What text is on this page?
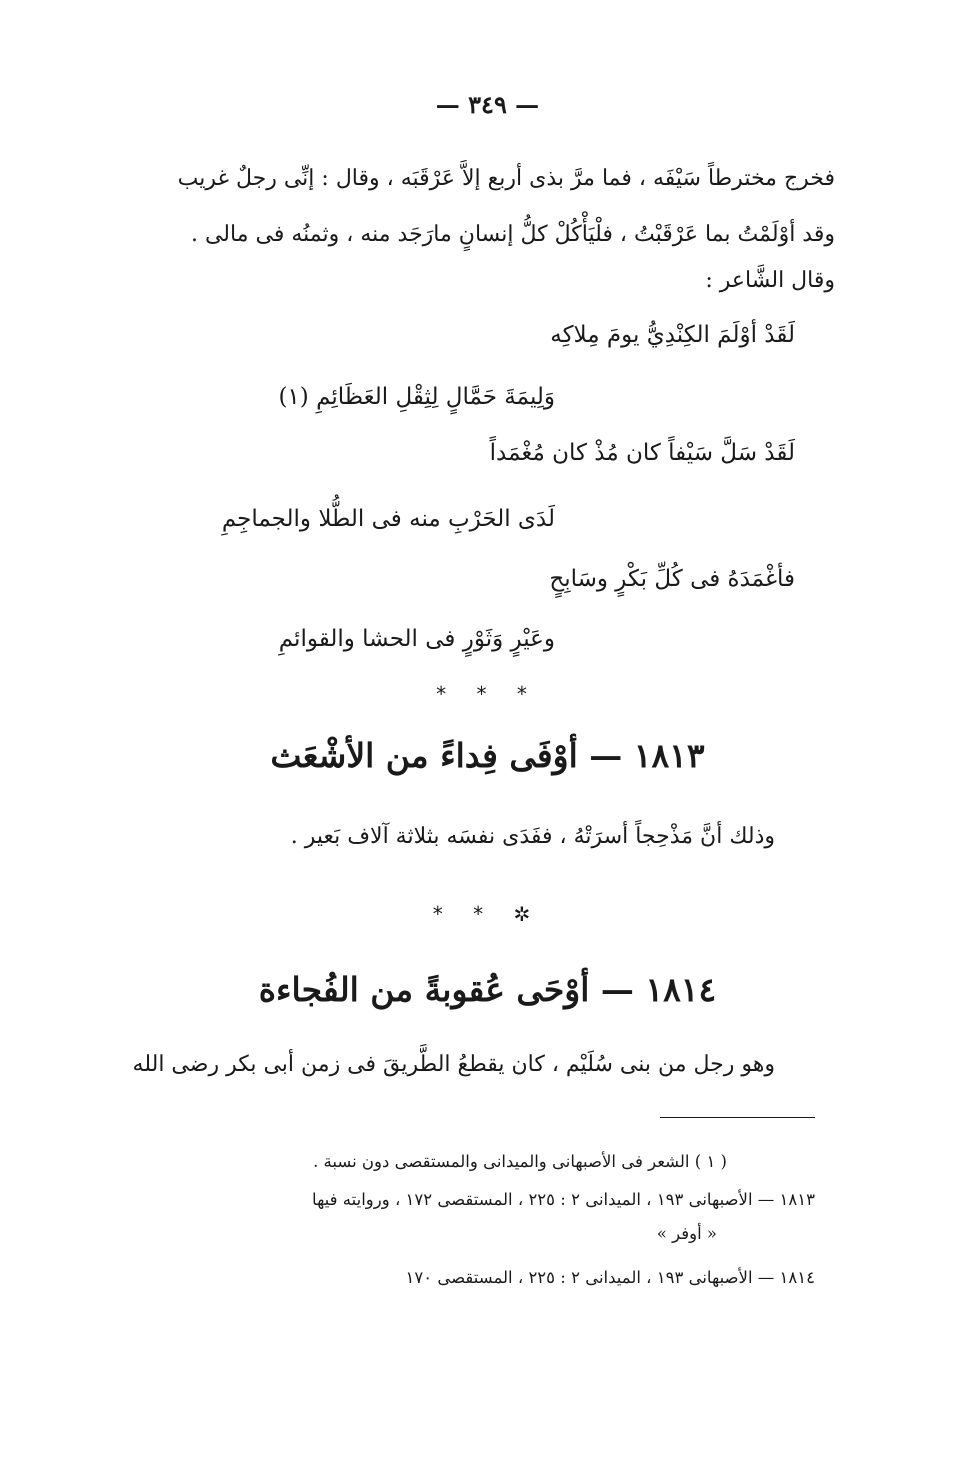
— ٣٤٩ —
فخرج مخترطاً سَيْفَه ، فما مرَّ بذى أربع إلاَّ عَرْقَبَه ، وقال : إنِّى رجلٌ غريب
وقد أوْلَمْتُ بما عَرْقَبْتُ ، فلْيَأْكُلْ كلُّ إنسانٍ مارَجَد منه ، وثمنُه فى مالى .
وقال الشَّاعر :
لَقَدْ أوْلَمَ الكِنْدِيُّ يومَ مِلاكِه
وَلِيمَةَ حَمَّالٍ لِثِقْلِ العَظَائِمِ (١)
لَقَدْ سَلَّ سَيْفاً كان مُذْ كان مُغْمَداً
لَدَى الحَرْبِ منه فى الطُّلا والجماجِمِ
فأغْمَدَهُ فى كُلِّ بَكْرٍ وسَابِحٍ
وعَيْرٍ وَثَوْرٍ فى الحشا والقوائمِ
* * *
١٨١٣ — أوْفَى فِداءً من الأشْعَث
وذلك أنَّ مَذْحِجاً أسرَتْهُ ، ففَدَى نفسَه بثلاثة آلاف بَعير .
* * ✲
١٨١٤ — أوْحَى عُقوبةً من الفُجاءة
وهو رجل من بنى سُلَيْم ، كان يقطعُ الطَّريقَ فى زمن أبى بكر رضى الله
( ١ ) الشعر فى الأصبهانى والميدانى والمستقصى دون نسبة .
١٨١٣ — الأصبهانى ١٩٣ ، الميدانى ٢ : ٢٢٥ ، المستقصى ١٧٢ ، وروايته فيها
« أوفر »
١٨١٤ — الأصبهانى ١٩٣ ، الميدانى ٢ : ٢٢٥ ، المستقصى ١٧٠
